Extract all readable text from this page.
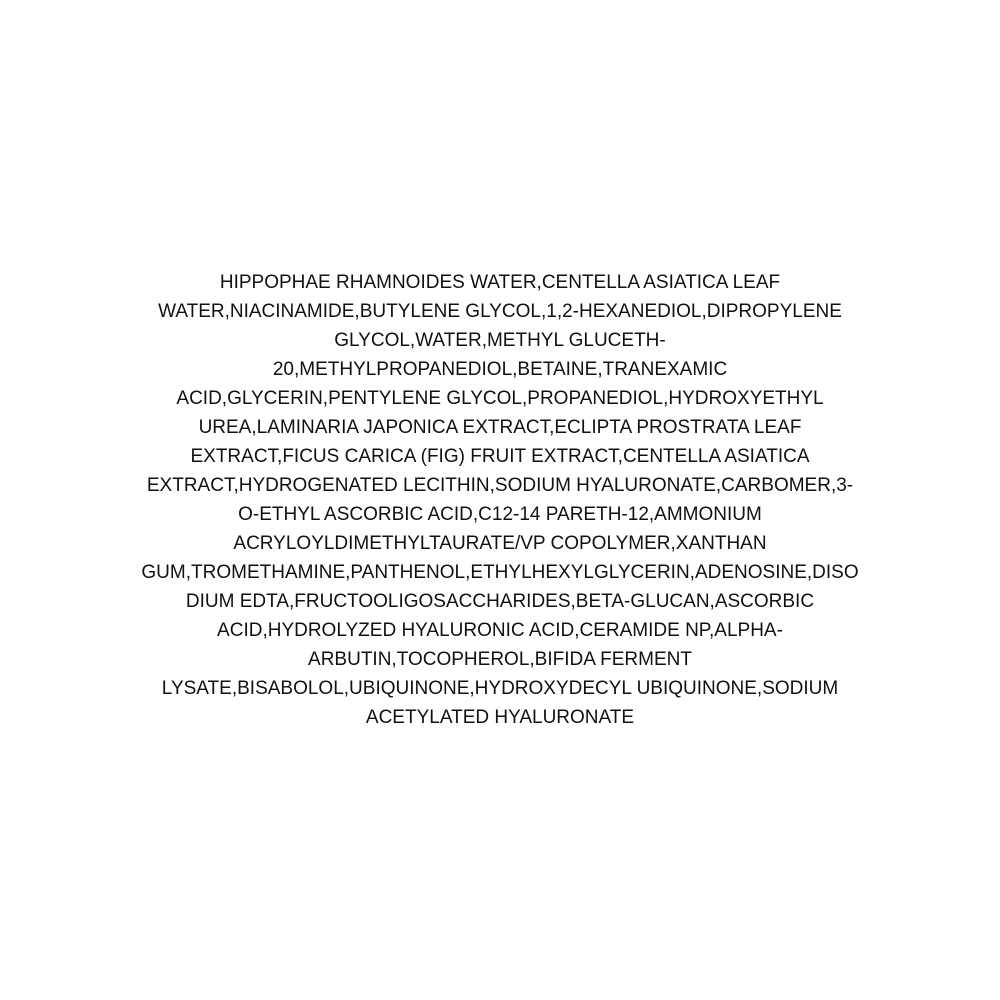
HIPPOPHAE RHAMNOIDES WATER,CENTELLA ASIATICA LEAF
WATER,NIACINAMIDE,BUTYLENE GLYCOL,1,2-HEXANEDIOL,DIPROPYLENE
GLYCOL,WATER,METHYL GLUCETH-
20,METHYLPROPANEDIOL,BETAINE,TRANEXAMIC
ACID,GLYCERIN,PENTYLENE GLYCOL,PROPANEDIOL,HYDROXYETHYL
UREA,LAMINARIA JAPONICA EXTRACT,ECLIPTA PROSTRATA LEAF
EXTRACT,FICUS CARICA (FIG) FRUIT EXTRACT,CENTELLA ASIATICA
EXTRACT,HYDROGENATED LECITHIN,SODIUM HYALURONATE,CARBOMER,3-
O-ETHYL ASCORBIC ACID,C12-14 PARETH-12,AMMONIUM
ACRYLOYLDIMETHYLTAURATE/VP COPOLYMER,XANTHAN
GUM,TROMETHAMINE,PANTHENOL,ETHYLHEXYLGLYCERIN,ADENOSINE,DISO
DIUM EDTA,FRUCTOOLIGOSACCHARIDES,BETA-GLUCAN,ASCORBIC
ACID,HYDROLYZED HYALURONIC ACID,CERAMIDE NP,ALPHA-
ARBUTIN,TOCOPHEROL,BIFIDA FERMENT
LYSATE,BISABOLOL,UBIQUINONE,HYDROXYDECYL UBIQUINONE,SODIUM
ACETYLATED HYALURONATE
